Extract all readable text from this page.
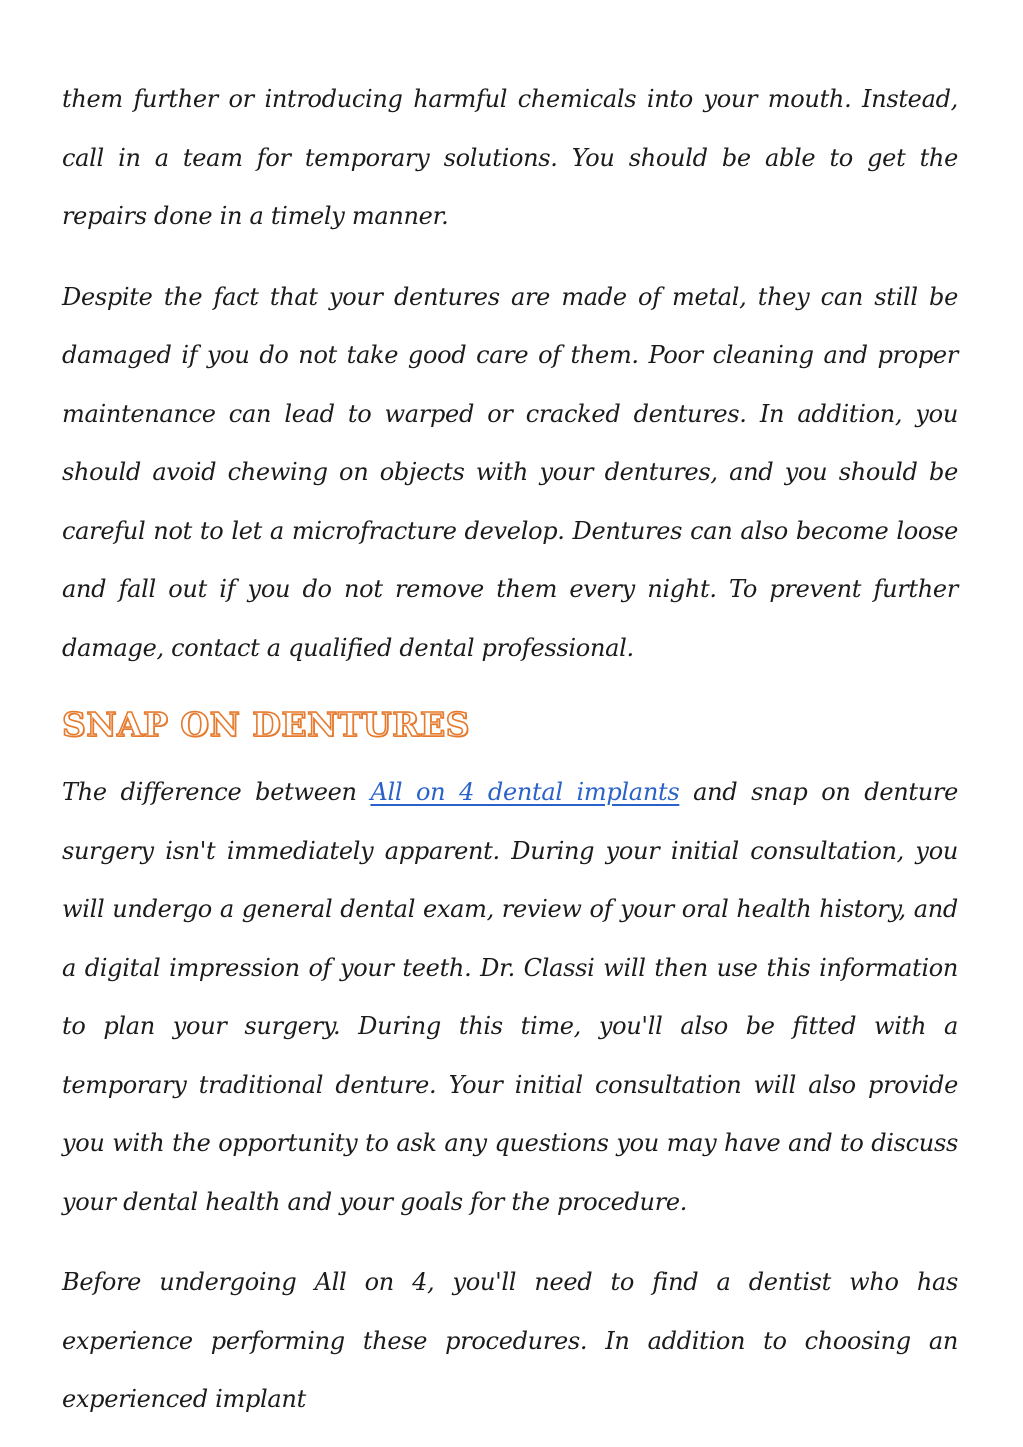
them further or introducing harmful chemicals into your mouth. Instead, call in a team for temporary solutions. You should be able to get the repairs done in a timely manner.

Despite the fact that your dentures are made of metal, they can still be damaged if you do not take good care of them. Poor cleaning and proper maintenance can lead to warped or cracked dentures. In addition, you should avoid chewing on objects with your dentures, and you should be careful not to let a microfracture develop. Dentures can also become loose and fall out if you do not remove them every night. To prevent further damage, contact a qualified dental professional.

SNAP ON DENTURES

The difference between All on 4 dental implants and snap on denture surgery isn't immediately apparent. During your initial consultation, you will undergo a general dental exam, review of your oral health history, and a digital impression of your teeth. Dr. Classi will then use this information to plan your surgery. During this time, you'll also be fitted with a temporary traditional denture. Your initial consultation will also provide you with the opportunity to ask any questions you may have and to discuss your dental health and your goals for the procedure.

Before undergoing All on 4, you'll need to find a dentist who has experience performing these procedures. In addition to choosing an experienced implant
